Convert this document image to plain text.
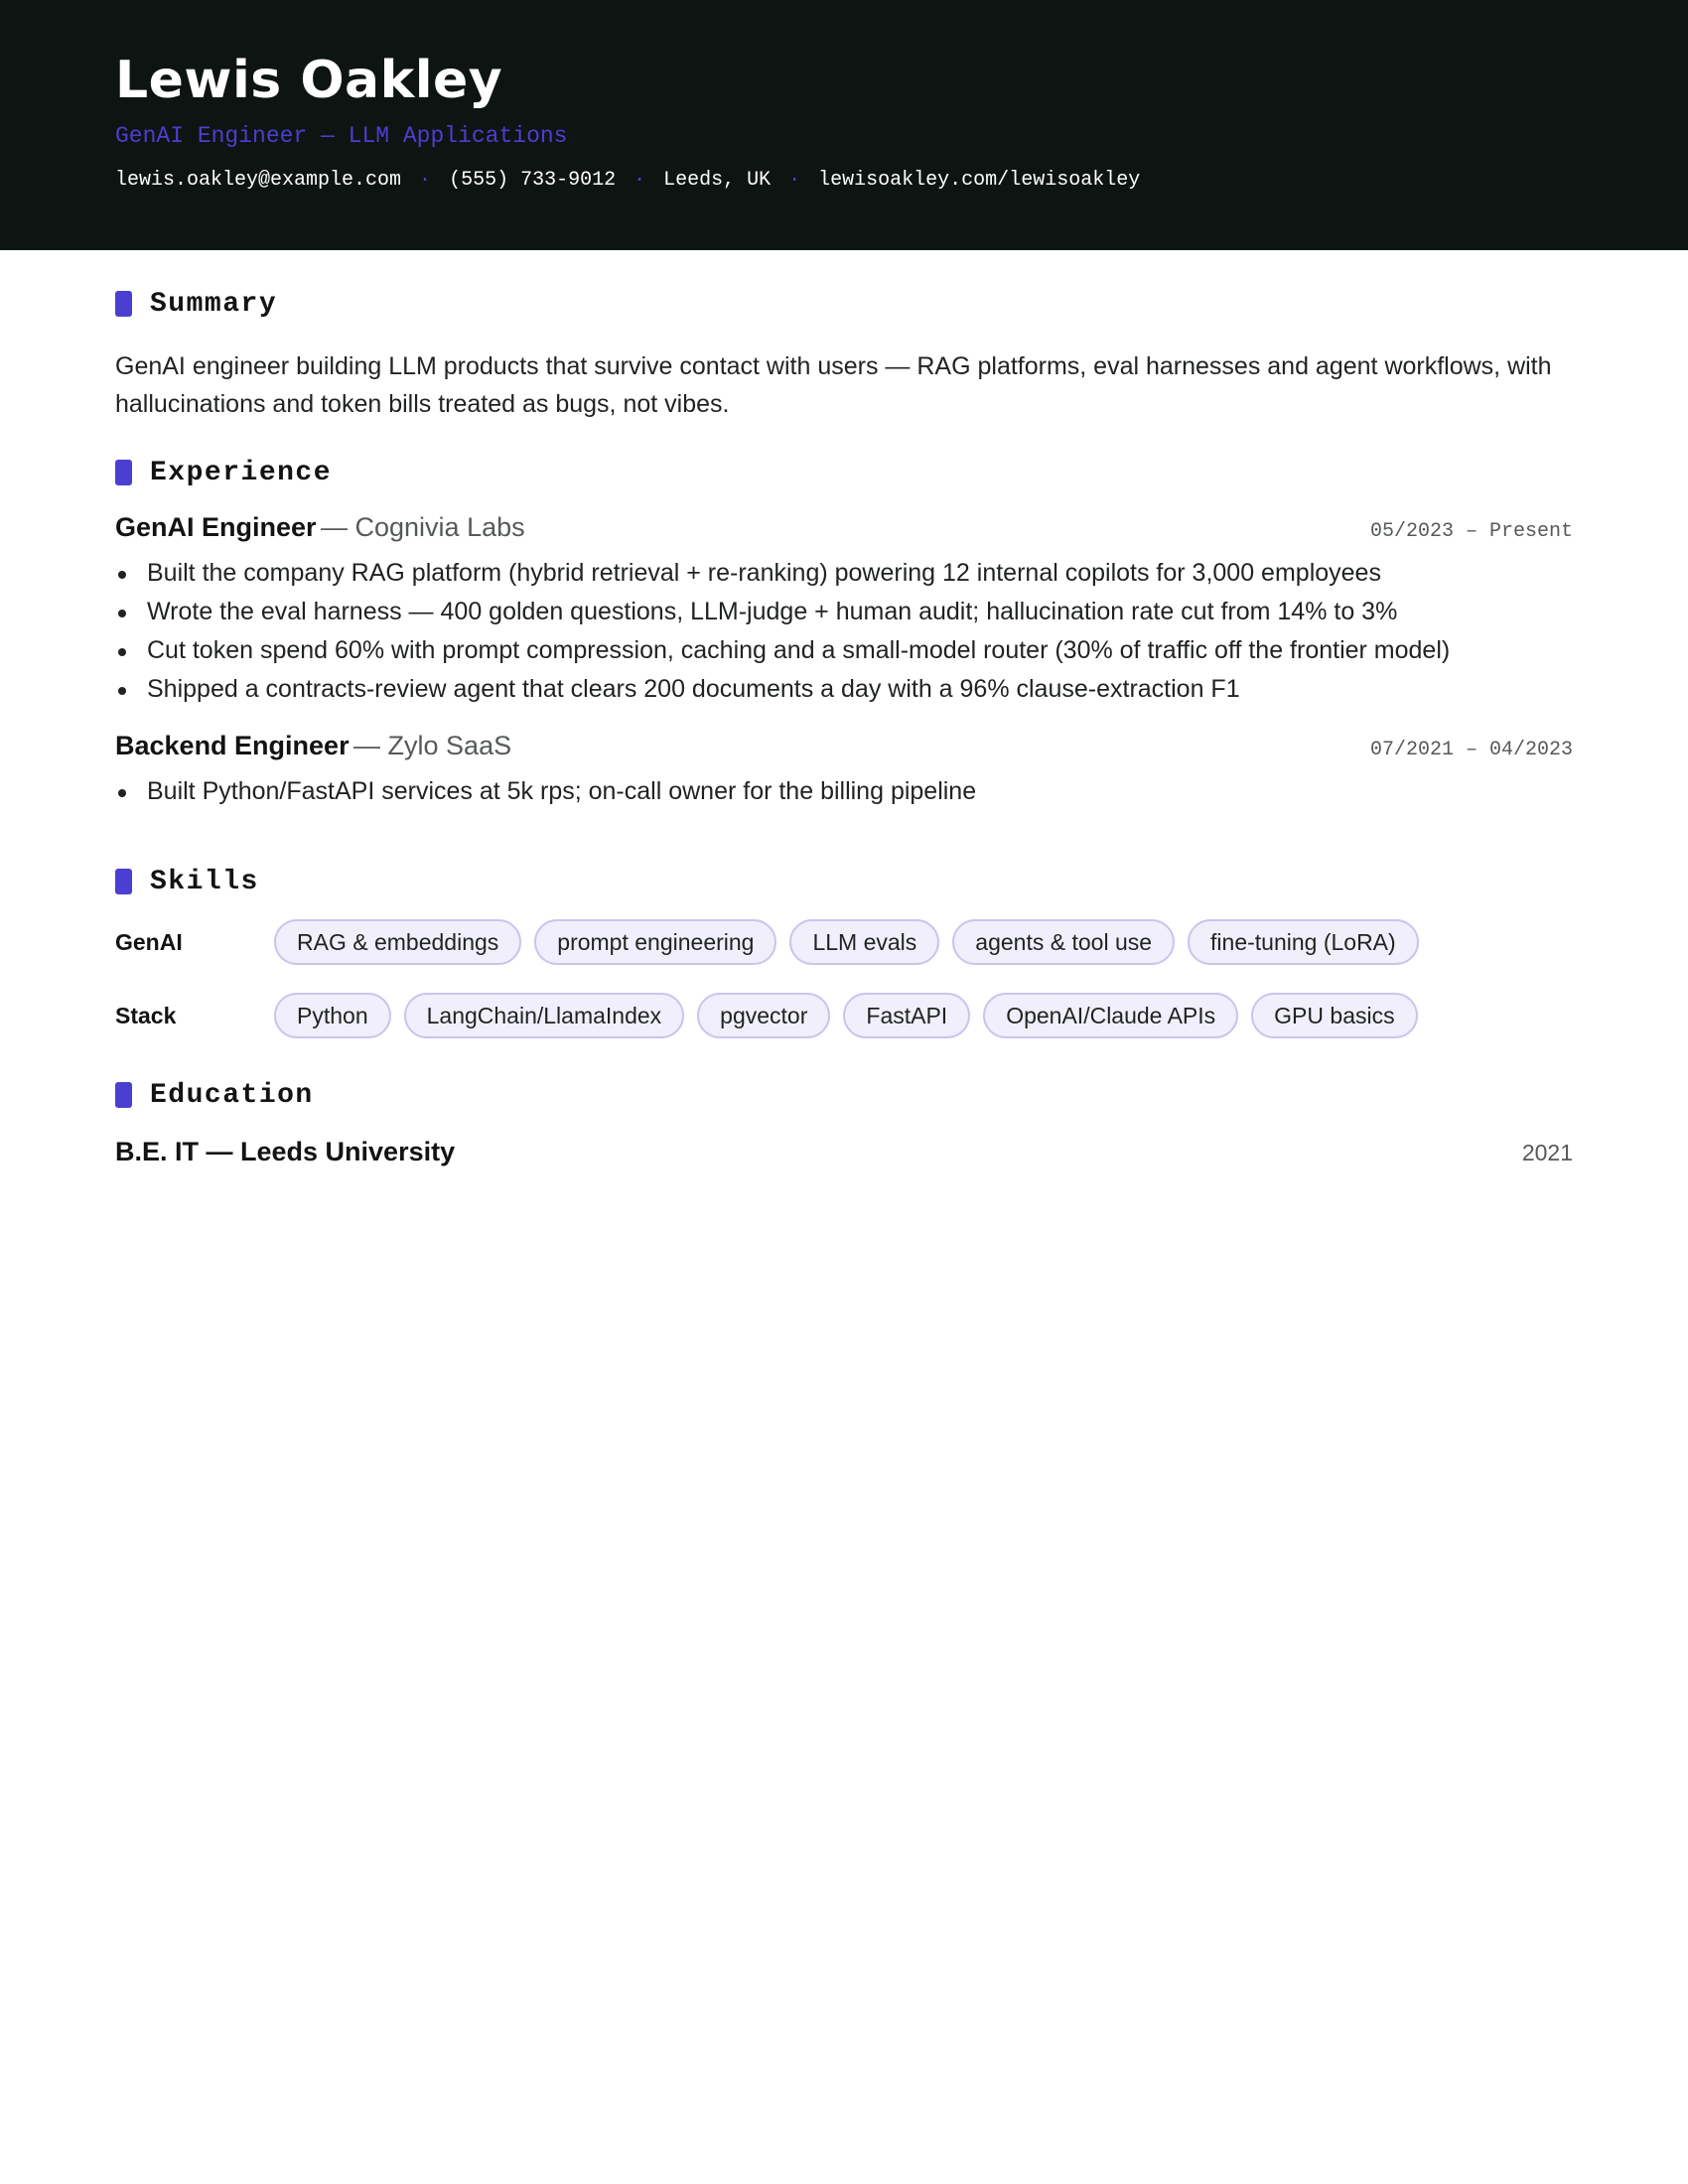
Lewis Oakley
GenAI Engineer — LLM Applications
lewis.oakley@example.com · (555) 733-9012 · Leeds, UK · lewisoakley.com/lewisoakley
Summary
GenAI engineer building LLM products that survive contact with users — RAG platforms, eval harnesses and agent workflows, with hallucinations and token bills treated as bugs, not vibes.
Experience
GenAI Engineer — Cognivia Labs	05/2023 – Present
Built the company RAG platform (hybrid retrieval + re-ranking) powering 12 internal copilots for 3,000 employees
Wrote the eval harness — 400 golden questions, LLM-judge + human audit; hallucination rate cut from 14% to 3%
Cut token spend 60% with prompt compression, caching and a small-model router (30% of traffic off the frontier model)
Shipped a contracts-review agent that clears 200 documents a day with a 96% clause-extraction F1
Backend Engineer — Zylo SaaS	07/2021 – 04/2023
Built Python/FastAPI services at 5k rps; on-call owner for the billing pipeline
Skills
GenAI	RAG & embeddings	prompt engineering	LLM evals	agents & tool use	fine-tuning (LoRA)
Stack	Python	LangChain/LlamaIndex	pgvector	FastAPI	OpenAI/Claude APIs	GPU basics
Education
B.E. IT — Leeds University	2021
